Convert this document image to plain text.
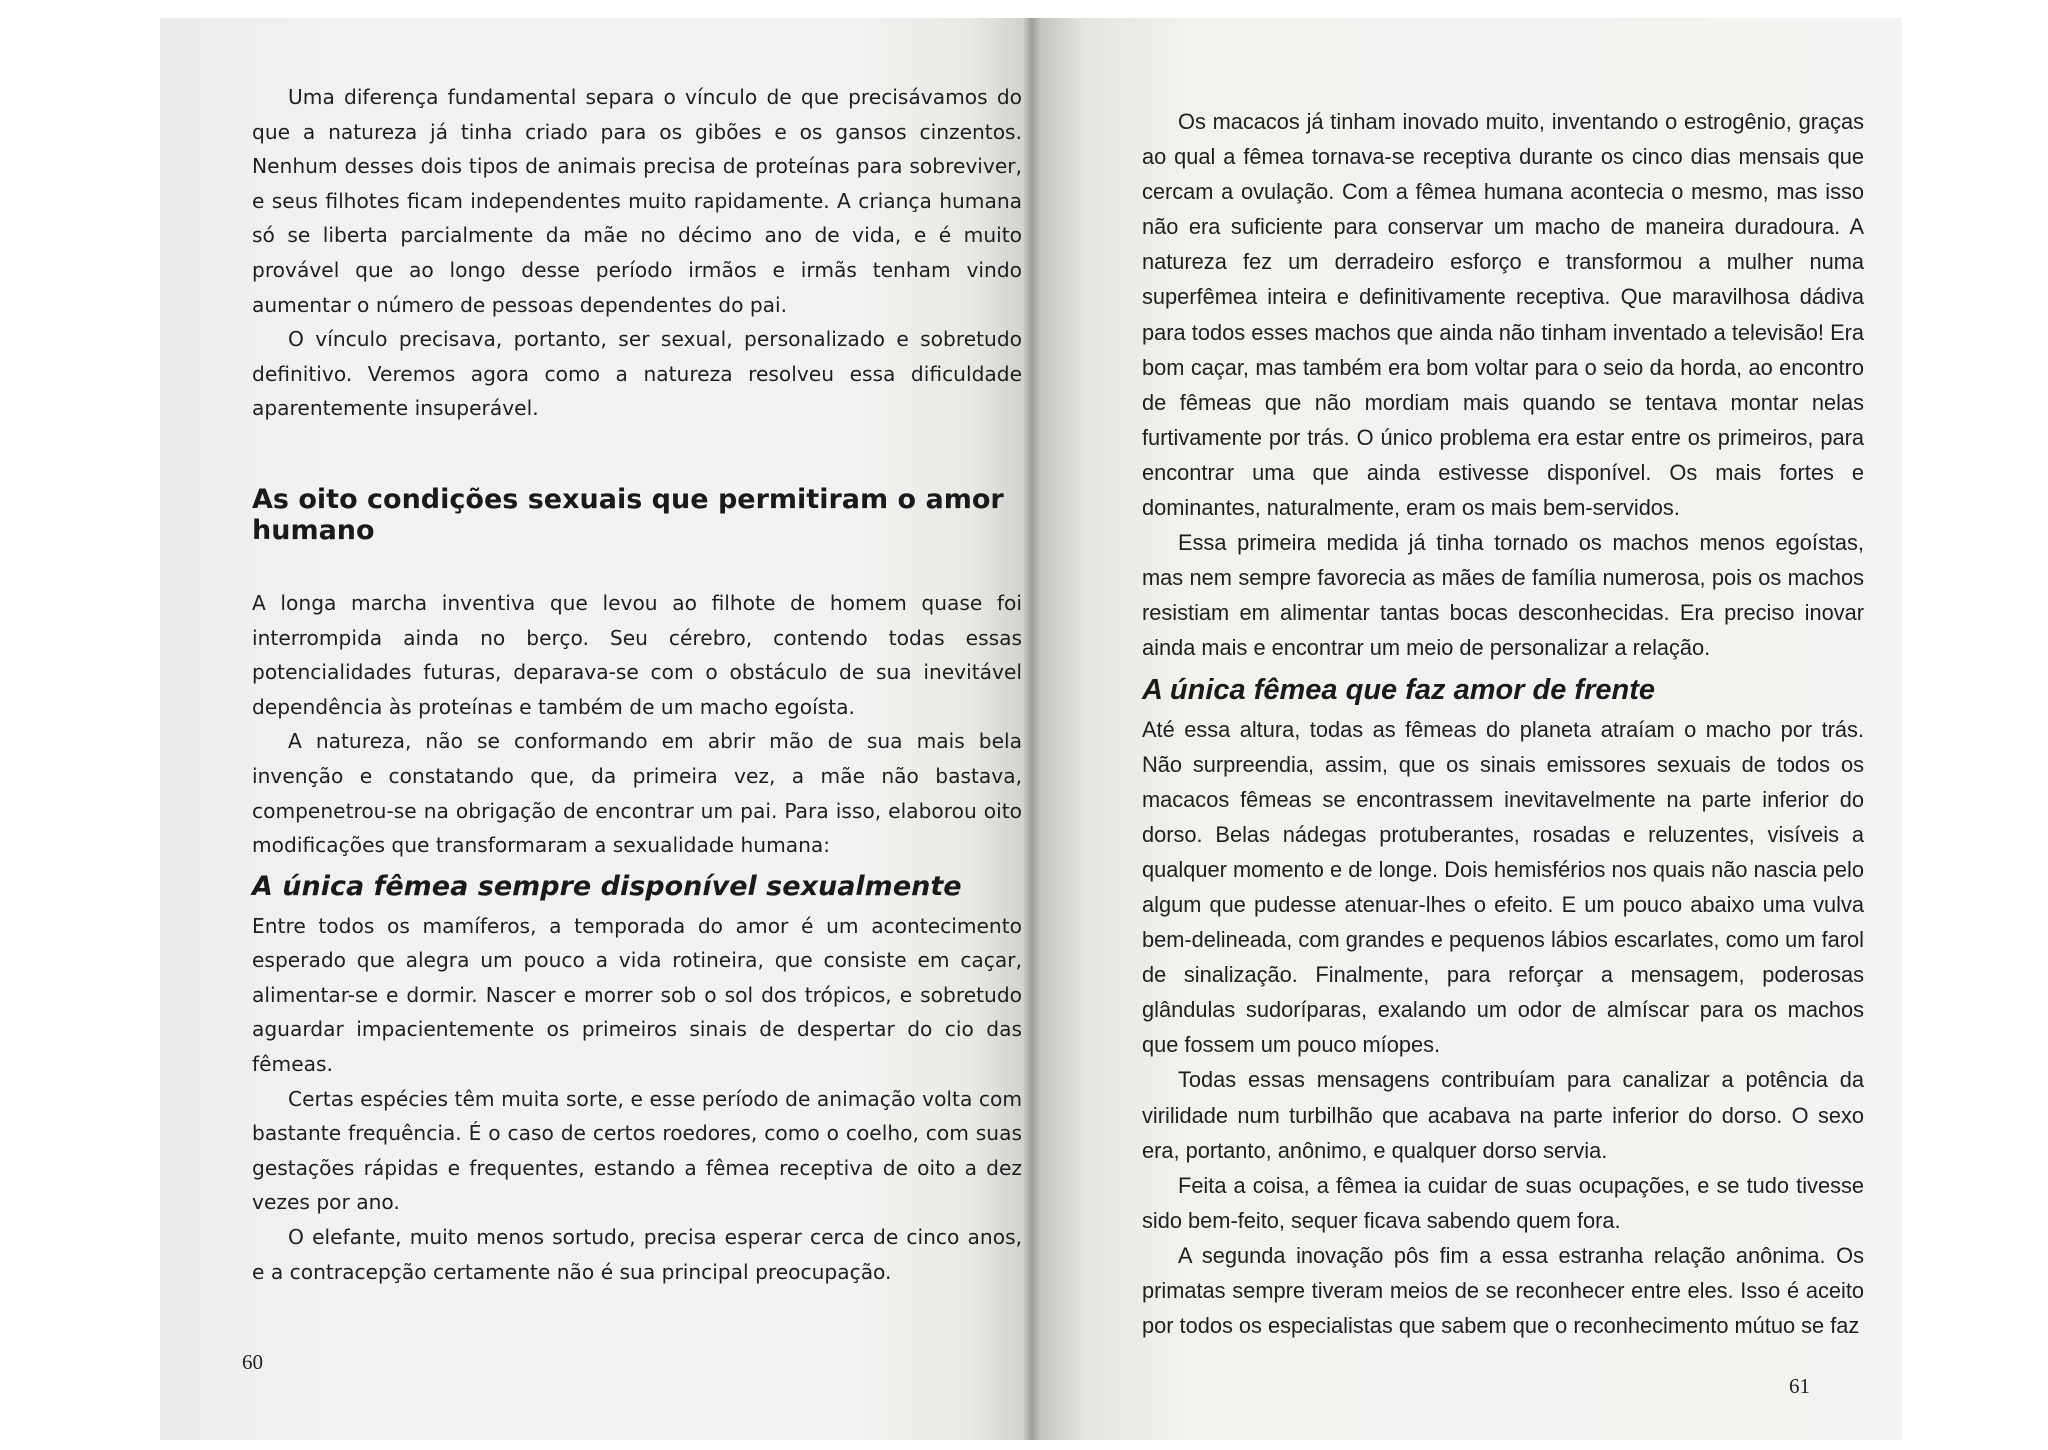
Uma diferença fundamental separa o vínculo de que precisávamos do que a natureza já tinha criado para os gibões e os gansos cinzentos. Nenhum desses dois tipos de animais precisa de proteínas para sobreviver, e seus filhotes ficam independentes muito rapidamente. A criança humana só se liberta parcialmente da mãe no décimo ano de vida, e é muito provável que ao longo desse período irmãos e irmãs tenham vindo aumentar o número de pessoas dependentes do pai.

O vínculo precisava, portanto, ser sexual, personalizado e sobretudo definitivo. Veremos agora como a natureza resolveu essa dificuldade aparentemente insuperável.

As oito condições sexuais que permitiram o amor humano

A longa marcha inventiva que levou ao filhote de homem quase foi interrompida ainda no berço. Seu cérebro, contendo todas essas potencialidades futuras, deparava-se com o obstáculo de sua inevitável dependência às proteínas e também de um macho egoísta.

A natureza, não se conformando em abrir mão de sua mais bela invenção e constatando que, da primeira vez, a mãe não bastava, compenetrou-se na obrigação de encontrar um pai. Para isso, elaborou oito modificações que transformaram a sexualidade humana:

A única fêmea sempre disponível sexualmente

Entre todos os mamíferos, a temporada do amor é um acontecimento esperado que alegra um pouco a vida rotineira, que consiste em caçar, alimentar-se e dormir. Nascer e morrer sob o sol dos trópicos, e sobretudo aguardar impacientemente os primeiros sinais de despertar do cio das fêmeas.

Certas espécies têm muita sorte, e esse período de animação volta com bastante frequência. É o caso de certos roedores, como o coelho, com suas gestações rápidas e frequentes, estando a fêmea receptiva de oito a dez vezes por ano.

O elefante, muito menos sortudo, precisa esperar cerca de cinco anos, e a contracepção certamente não é sua principal preocupação.

60

Os macacos já tinham inovado muito, inventando o estrogênio, graças ao qual a fêmea tornava-se receptiva durante os cinco dias mensais que cercam a ovulação. Com a fêmea humana acontecia o mesmo, mas isso não era suficiente para conservar um macho de maneira duradoura. A natureza fez um derradeiro esforço e transformou a mulher numa superfêmea inteira e definitivamente receptiva. Que maravilhosa dádiva para todos esses machos que ainda não tinham inventado a televisão! Era bom caçar, mas também era bom voltar para o seio da horda, ao encontro de fêmeas que não mordiam mais quando se tentava montar nelas furtivamente por trás. O único problema era estar entre os primeiros, para encontrar uma que ainda estivesse disponível. Os mais fortes e dominantes, naturalmente, eram os mais bem-servidos.

Essa primeira medida já tinha tornado os machos menos egoístas, mas nem sempre favorecia as mães de família numerosa, pois os machos resistiam em alimentar tantas bocas desconhecidas. Era preciso inovar ainda mais e encontrar um meio de personalizar a relação.

A única fêmea que faz amor de frente

Até essa altura, todas as fêmeas do planeta atraíam o macho por trás. Não surpreendia, assim, que os sinais emissores sexuais de todos os macacos fêmeas se encontrassem inevitavelmente na parte inferior do dorso. Belas nádegas protuberantes, rosadas e reluzentes, visíveis a qualquer momento e de longe. Dois hemisférios nos quais não nascia pelo algum que pudesse atenuar-lhes o efeito. E um pouco abaixo uma vulva bem-delineada, com grandes e pequenos lábios escarlates, como um farol de sinalização. Finalmente, para reforçar a mensagem, poderosas glândulas sudoríparas, exalando um odor de almíscar para os machos que fossem um pouco míopes.

Todas essas mensagens contribuíam para canalizar a potência da virilidade num turbilhão que acabava na parte inferior do dorso. O sexo era, portanto, anônimo, e qualquer dorso servia.

Feita a coisa, a fêmea ia cuidar de suas ocupações, e se tudo tivesse sido bem-feito, sequer ficava sabendo quem fora.

A segunda inovação pôs fim a essa estranha relação anônima. Os primatas sempre tiveram meios de se reconhecer entre eles. Isso é aceito por todos os especialistas que sabem que o reconhecimento mútuo se faz

61
